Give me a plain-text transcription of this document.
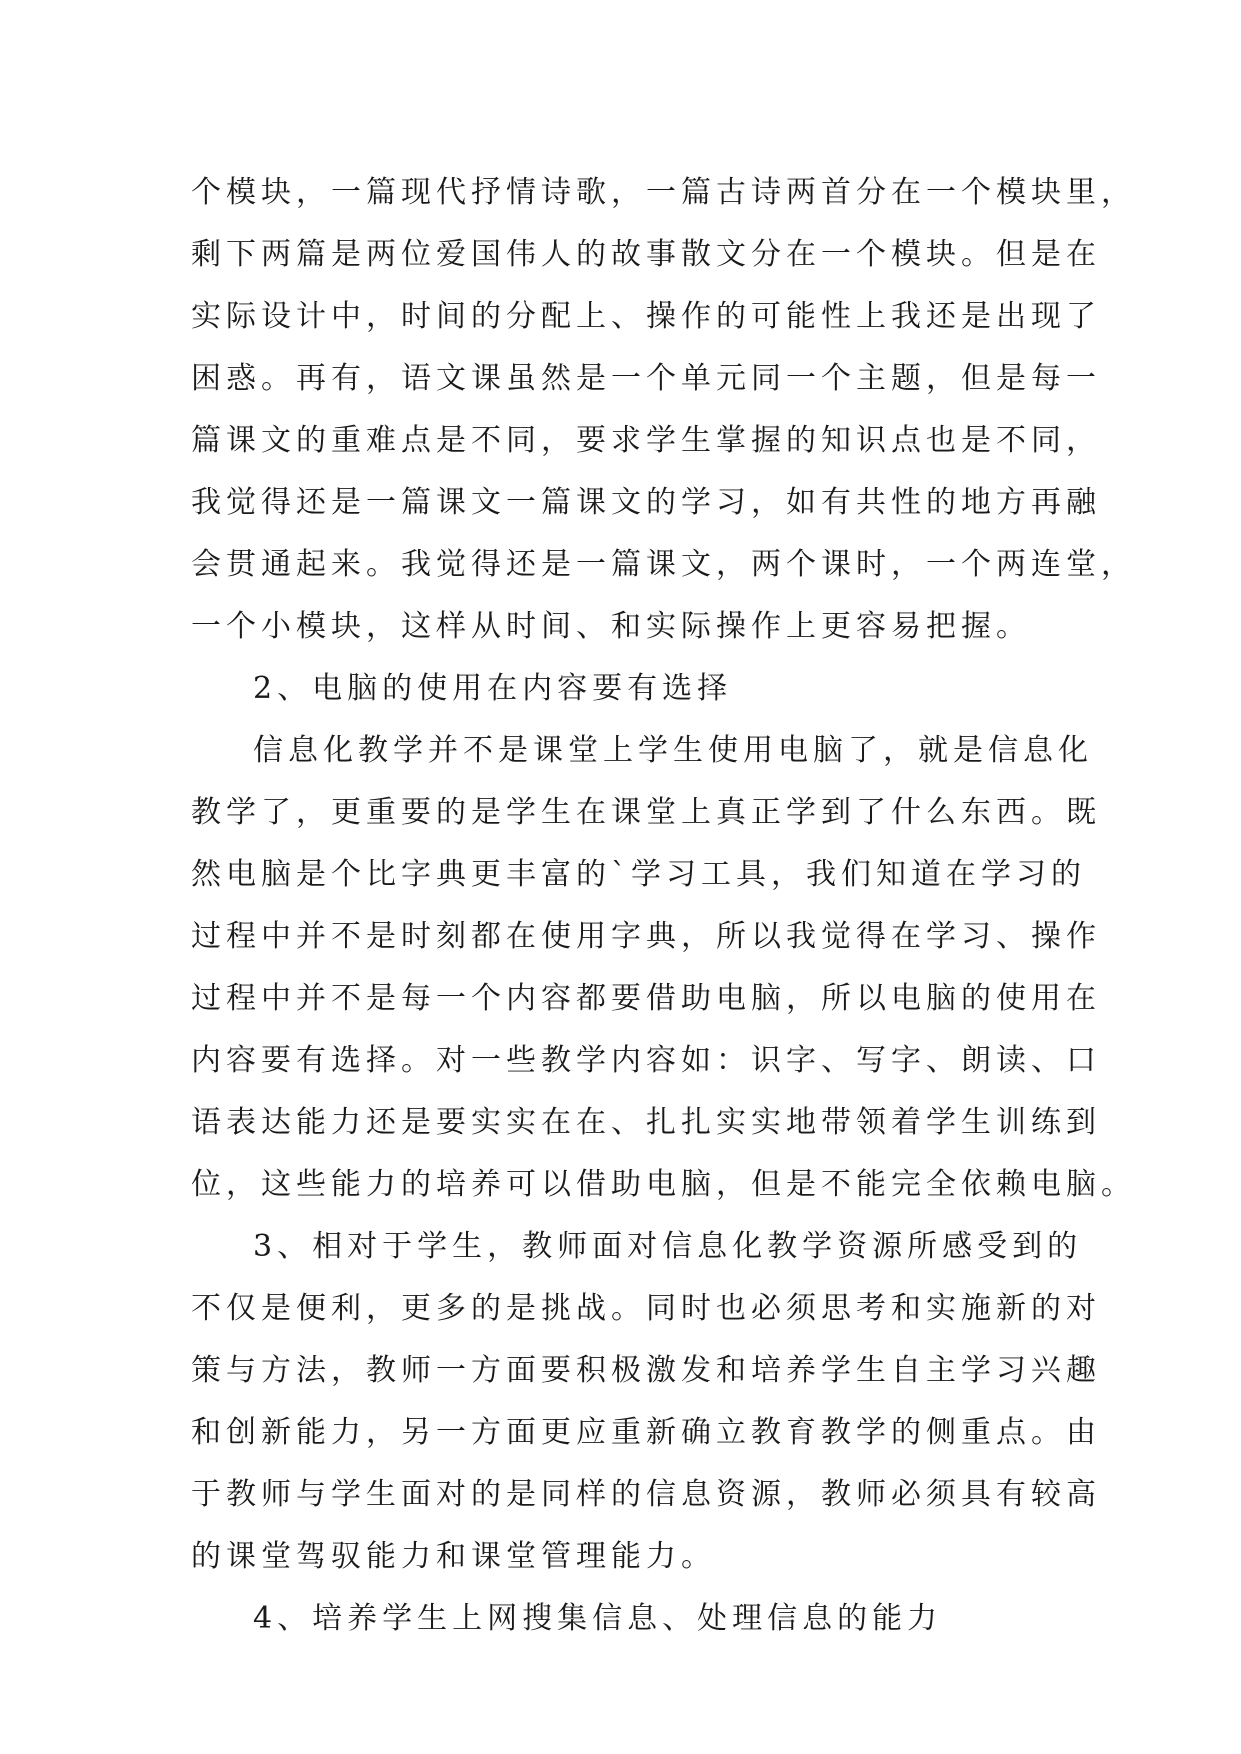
个模块，一篇现代抒情诗歌，一篇古诗两首分在一个模块里，
剩下两篇是两位爱国伟人的故事散文分在一个模块。但是在
实际设计中，时间的分配上、操作的可能性上我还是出现了
困惑。再有，语文课虽然是一个单元同一个主题，但是每一
篇课文的重难点是不同，要求学生掌握的知识点也是不同，
我觉得还是一篇课文一篇课文的学习，如有共性的地方再融
会贯通起来。我觉得还是一篇课文，两个课时，一个两连堂，
一个小模块，这样从时间、和实际操作上更容易把握。
2、电脑的使用在内容要有选择
信息化教学并不是课堂上学生使用电脑了，就是信息化
教学了，更重要的是学生在课堂上真正学到了什么东西。既
然电脑是个比字典更丰富的`学习工具，我们知道在学习的
过程中并不是时刻都在使用字典，所以我觉得在学习、操作
过程中并不是每一个内容都要借助电脑，所以电脑的使用在
内容要有选择。对一些教学内容如：识字、写字、朗读、口
语表达能力还是要实实在在、扎扎实实地带领着学生训练到
位，这些能力的培养可以借助电脑，但是不能完全依赖电脑。
3、相对于学生，教师面对信息化教学资源所感受到的
不仅是便利，更多的是挑战。同时也必须思考和实施新的对
策与方法，教师一方面要积极激发和培养学生自主学习兴趣
和创新能力，另一方面更应重新确立教育教学的侧重点。由
于教师与学生面对的是同样的信息资源，教师必须具有较高
的课堂驾驭能力和课堂管理能力。
4、培养学生上网搜集信息、处理信息的能力
